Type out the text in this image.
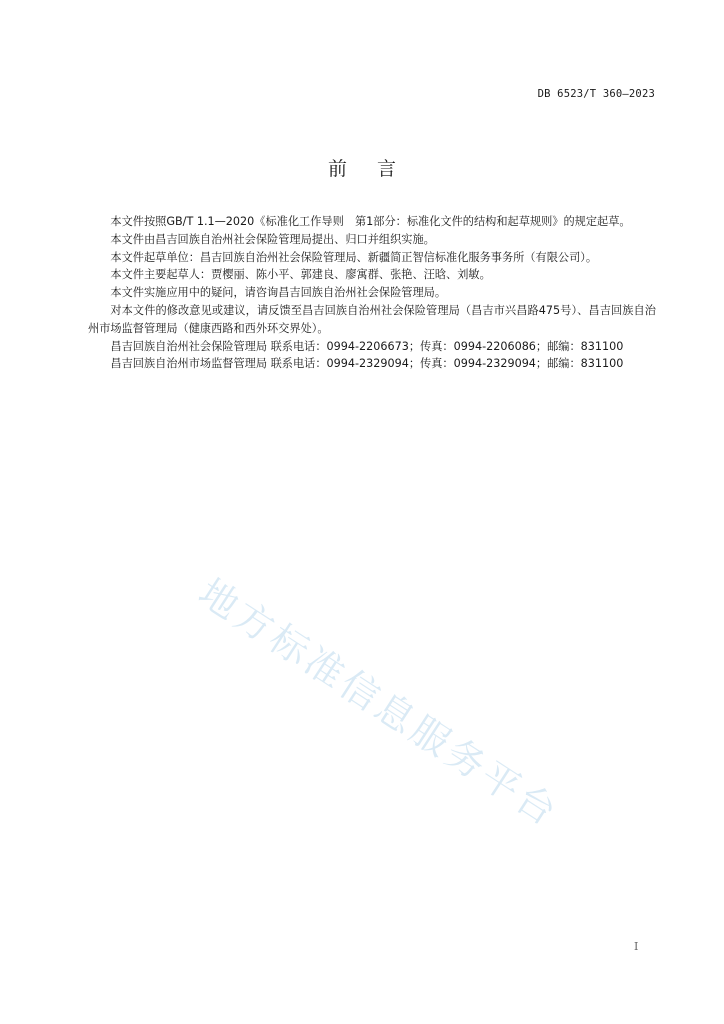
DB 6523/T 360—2023
前言

本文件按照GB/T 1.1—2020《标准化工作导则　第1部分：标准化文件的结构和起草规则》的规定起草。

本文件由昌吉回族自治州社会保险管理局提出、归口并组织实施。

本文件起草单位：昌吉回族自治州社会保险管理局、新疆简正智信标准化服务事务所（有限公司）。

本文件主要起草人：贾樱丽、陈小平、郭建良、廖寓群、张艳、汪晗、刘敏。

本文件实施应用中的疑问，请咨询昌吉回族自治州社会保险管理局。

对本文件的修改意见或建议，请反馈至昌吉回族自治州社会保险管理局（昌吉市兴昌路475号）、昌吉回族自治州市场监督管理局（健康西路和西外环交界处）。

昌吉回族自治州社会保险管理局 联系电话：0994-2206673；传真：0994-2206086；邮编：831100

昌吉回族自治州市场监督管理局 联系电话：0994-2329094；传真：0994-2329094；邮编：831100

地方标准信息服务平台
I
